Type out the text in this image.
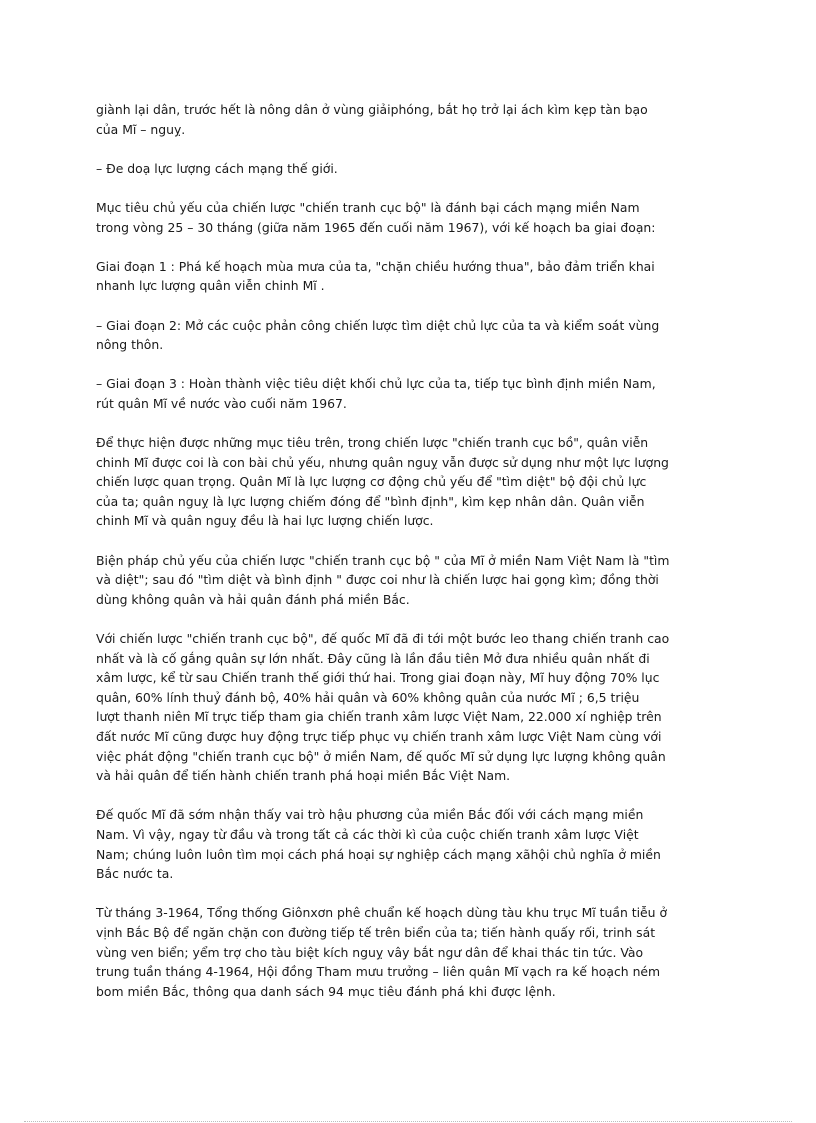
giành lại dân, trước hết là nông dân ở vùng giảiphóng, bắt họ trở lại ách kìm kẹp tàn bạo
của Mĩ – nguỵ.

– Đe doạ lực lượng cách mạng thế giới.

Mục tiêu chủ yếu của chiến lược "chiến tranh cục bộ" là đánh bại cách mạng miền Nam
trong vòng 25 – 30 tháng (giữa năm 1965 đến cuối năm 1967), với kế hoạch ba giai đoạn:

Giai đoạn 1 : Phá kế hoạch mùa mưa của ta, "chặn chiều hướng thua", bảo đảm triển khai
nhanh lực lượng quân viễn chinh Mĩ .

– Giai đoạn 2: Mở các cuộc phản công chiến lược tìm diệt chủ lực của ta và kiểm soát vùng
nông thôn.

– Giai đoạn 3 : Hoàn thành việc tiêu diệt khối chủ lực của ta, tiếp tục bình định miền Nam,
rút quân Mĩ về nước vào cuối năm 1967.

Để thực hiện được những mục tiêu trên, trong chiến lược "chiến tranh cục bồ", quân viễn
chinh Mĩ được coi là con bài chủ yếu, nhưng quân nguỵ vẫn được sử dụng như một lực lượng
chiến lược quan trọng. Quân Mĩ là lực lượng cơ động chủ yếu để "tìm diệt" bộ đội chủ lực
của ta; quân nguỵ là lực lượng chiếm đóng để "bình định", kìm kẹp nhân dân. Quân viễn
chinh Mĩ và quân nguỵ đều là hai lực lượng chiến lược.

Biện pháp chủ yếu của chiến lược "chiến tranh cục bộ " của Mĩ ở miền Nam Việt Nam là "tìm
và diệt"; sau đó "tìm diệt và bình định " được coi như là chiến lược hai gọng kìm; đồng thời
dùng không quân và hải quân đánh phá miền Bắc.

Với chiến lược "chiến tranh cục bộ", đế quốc Mĩ đã đi tới một bước leo thang chiến tranh cao
nhất và là cố gắng quân sự lớn nhất. Đây cũng là lần đầu tiên Mở đưa nhiều quân nhất đi
xâm lược, kể từ sau Chiến tranh thế giới thứ hai. Trong giai đoạn này, Mĩ huy động 70% lục
quân, 60% lính thuỷ đánh bộ, 40% hải quân và 60% không quân của nước Mĩ ; 6,5 triệu
lượt thanh niên Mĩ trực tiếp tham gia chiến tranh xâm lược Việt Nam, 22.000 xí nghiệp trên
đất nước Mĩ cũng được huy động trực tiếp phục vụ chiến tranh xâm lược Việt Nam cùng với
việc phát động "chiến tranh cục bộ" ở miền Nam, đế quốc Mĩ sử dụng lực lượng không quân
và hải quân để tiến hành chiến tranh phá hoại miền Bắc Việt Nam.

Đế quốc Mĩ đã sớm nhận thấy vai trò hậu phương của miền Bắc đối với cách mạng miền
Nam. Vì vậy, ngay từ đầu và trong tất cả các thời kì của cuộc chiến tranh xâm lược Việt
Nam; chúng luôn luôn tìm mọi cách phá hoại sự nghiệp cách mạng xãhội chủ nghĩa ở miền
Bắc nước ta.

Từ tháng 3-1964, Tổng thống Giônxơn phê chuẩn kế hoạch dùng tàu khu trục Mĩ tuần tiễu ở
vịnh Bắc Bộ để ngăn chặn con đường tiếp tế trên biển của ta; tiến hành quấy rối, trinh sát
vùng ven biển; yểm trợ cho tàu biệt kích nguỵ vây bắt ngư dân để khai thác tin tức. Vào
trung tuần tháng 4-1964, Hội đồng Tham mưu trưởng – liên quân Mĩ vạch ra kế hoạch ném
bom miền Bắc, thông qua danh sách 94 mục tiêu đánh phá khi được lệnh.
